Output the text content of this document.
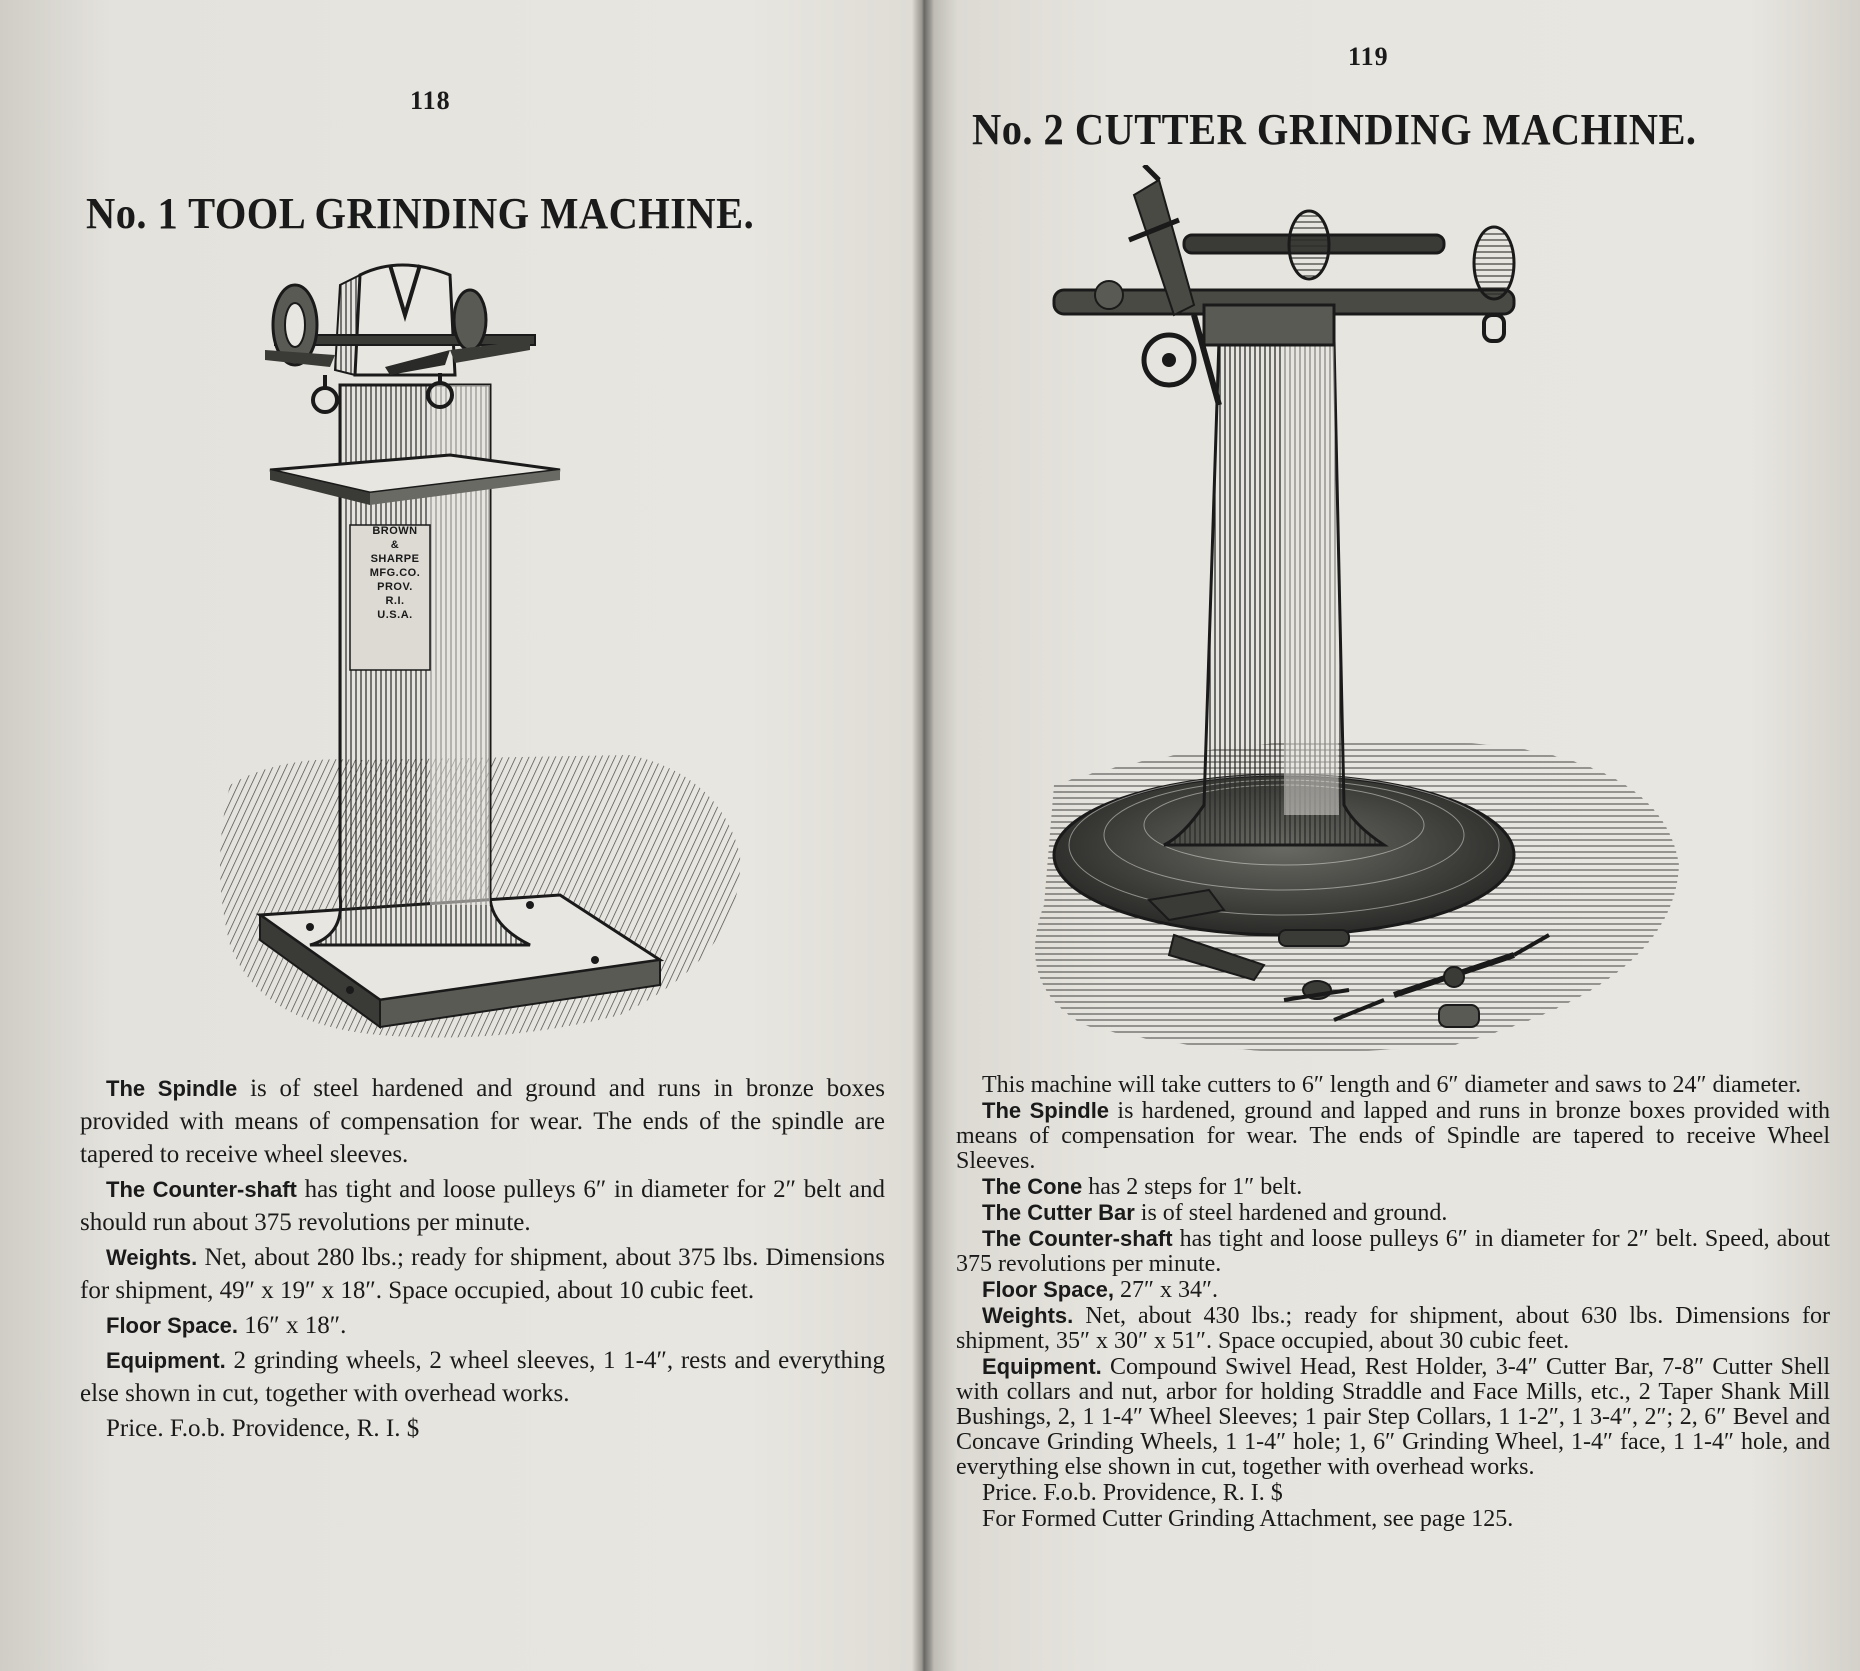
118
No. 1 TOOL GRINDING MACHINE.
BROWN
&
SHARPE
MFG.CO.
PROV.
R.I.
U.S.A.

The Spindle is of steel hardened and ground and runs in bronze boxes provided with means of compensation for wear. The ends of the spindle are tapered to receive wheel sleeves.

The Counter-shaft has tight and loose pulleys 6″ in diameter for 2″ belt and should run about 375 revolutions per minute.

Weights. Net, about 280 lbs.; ready for shipment, about 375 lbs. Dimensions for shipment, 49″ x 19″ x 18″. Space occupied, about 10 cubic feet.

Floor Space. 16″ x 18″.

Equipment. 2 grinding wheels, 2 wheel sleeves, 1 1-4″, rests and everything else shown in cut, together with overhead works.

Price. F.o.b. Providence, R. I. $

119
No. 2 CUTTER GRINDING MACHINE.

This machine will take cutters to 6″ length and 6″ diameter and saws to 24″ diameter.

The Spindle is hardened, ground and lapped and runs in bronze boxes provided with means of compensation for wear. The ends of Spindle are tapered to receive Wheel Sleeves.

The Cone has 2 steps for 1″ belt.

The Cutter Bar is of steel hardened and ground.

The Counter-shaft has tight and loose pulleys 6″ in diameter for 2″ belt. Speed, about 375 revolutions per minute.

Floor Space, 27″ x 34″.

Weights. Net, about 430 lbs.; ready for shipment, about 630 lbs. Dimensions for shipment, 35″ x 30″ x 51″. Space occupied, about 30 cubic feet.

Equipment. Compound Swivel Head, Rest Holder, 3-4″ Cutter Bar, 7-8″ Cutter Shell with collars and nut, arbor for holding Straddle and Face Mills, etc., 2 Taper Shank Mill Bushings, 2, 1 1-4″ Wheel Sleeves; 1 pair Step Collars, 1 1-2″, 1 3-4″, 2″; 2, 6″ Bevel and Concave Grinding Wheels, 1 1-4″ hole; 1, 6″ Grinding Wheel, 1-4″ face, 1 1-4″ hole, and everything else shown in cut, together with overhead works.

Price. F.o.b. Providence, R. I. $

For Formed Cutter Grinding Attachment, see page 125.
